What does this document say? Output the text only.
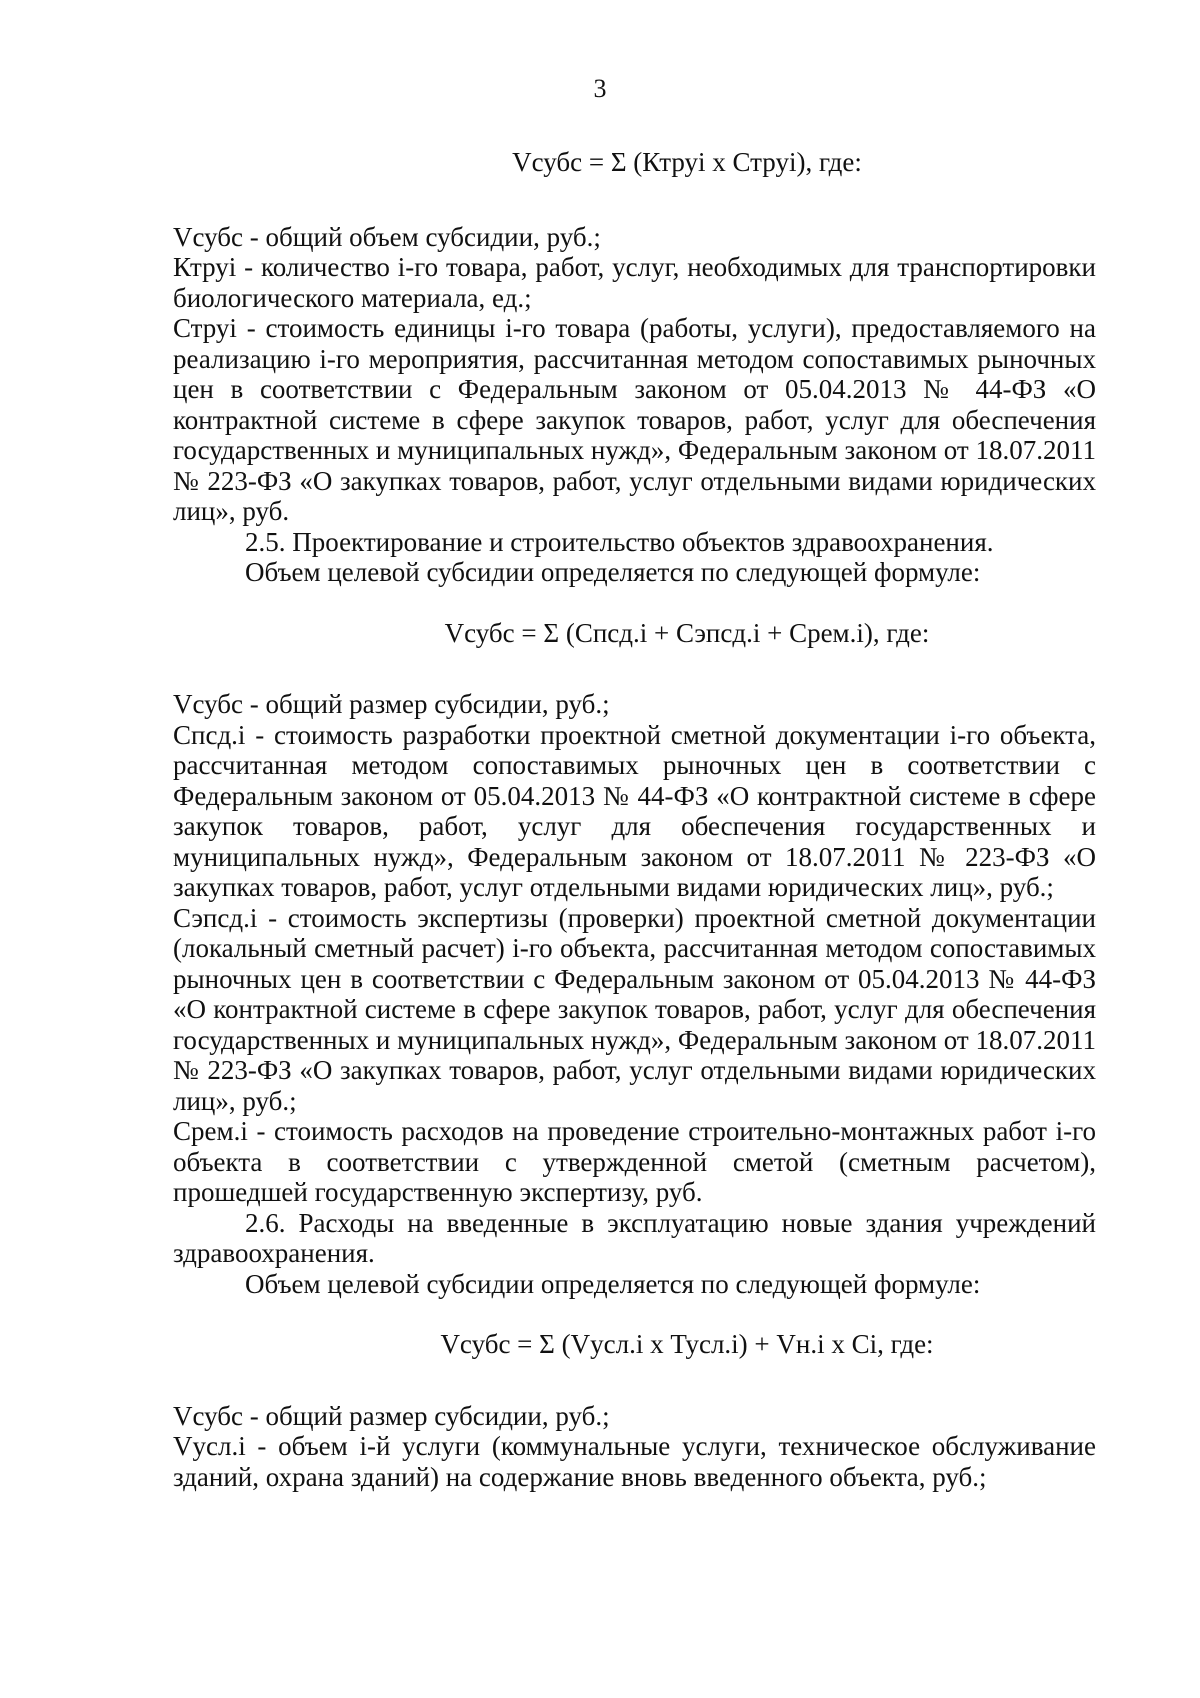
3

Vсубс = Σ (Ктруi х Струi), где:

Vсубс - общий объем субсидии, руб.;

Ктруi - количество i-го товара, работ, услуг, необходимых для транспортировки биологического материала, ед.;

Струi - стоимость единицы i-го товара (работы, услуги), предоставляемого на реализацию i-го мероприятия, рассчитанная методом сопоставимых рыночных цен в соответствии с Федеральным законом от 05.04.2013 № 44-ФЗ «О контрактной системе в сфере закупок товаров, работ, услуг для обеспечения государственных и муниципальных нужд», Федеральным законом от 18.07.2011 № 223-ФЗ «О закупках товаров, работ, услуг отдельными видами юридических лиц», руб.

2.5. Проектирование и строительство объектов здравоохранения.

Объем целевой субсидии определяется по следующей формуле:

Vсубс = Σ (Спсд.i + Сэпсд.i + Срем.i), где:

Vсубс - общий размер субсидии, руб.;

Спсд.i - стоимость разработки проектной сметной документации i-го объекта, рассчитанная методом сопоставимых рыночных цен в соответствии с Федеральным законом от 05.04.2013 № 44-ФЗ «О контрактной системе в сфере закупок товаров, работ, услуг для обеспечения государственных и муниципальных нужд», Федеральным законом от 18.07.2011 № 223-ФЗ «О закупках товаров, работ, услуг отдельными видами юридических лиц», руб.;

Сэпсд.i - стоимость экспертизы (проверки) проектной сметной документации (локальный сметный расчет) i-го объекта, рассчитанная методом сопоставимых рыночных цен в соответствии с Федеральным законом от 05.04.2013 № 44-ФЗ «О контрактной системе в сфере закупок товаров, работ, услуг для обеспечения государственных и муниципальных нужд», Федеральным законом от 18.07.2011 № 223-ФЗ «О закупках товаров, работ, услуг отдельными видами юридических лиц», руб.;

Срем.i - стоимость расходов на проведение строительно-монтажных работ i-го объекта в соответствии с утвержденной сметой (сметным расчетом), прошедшей государственную экспертизу, руб.

2.6. Расходы на введенные в эксплуатацию новые здания учреждений здравоохранения.

Объем целевой субсидии определяется по следующей формуле:

Vсубс = Σ (Vусл.i х Тусл.i) + Vн.i х Сi, где:

Vсубс - общий размер субсидии, руб.;

Vусл.i - объем i-й услуги (коммунальные услуги, техническое обслуживание зданий, охрана зданий) на содержание вновь введенного объекта, руб.;
